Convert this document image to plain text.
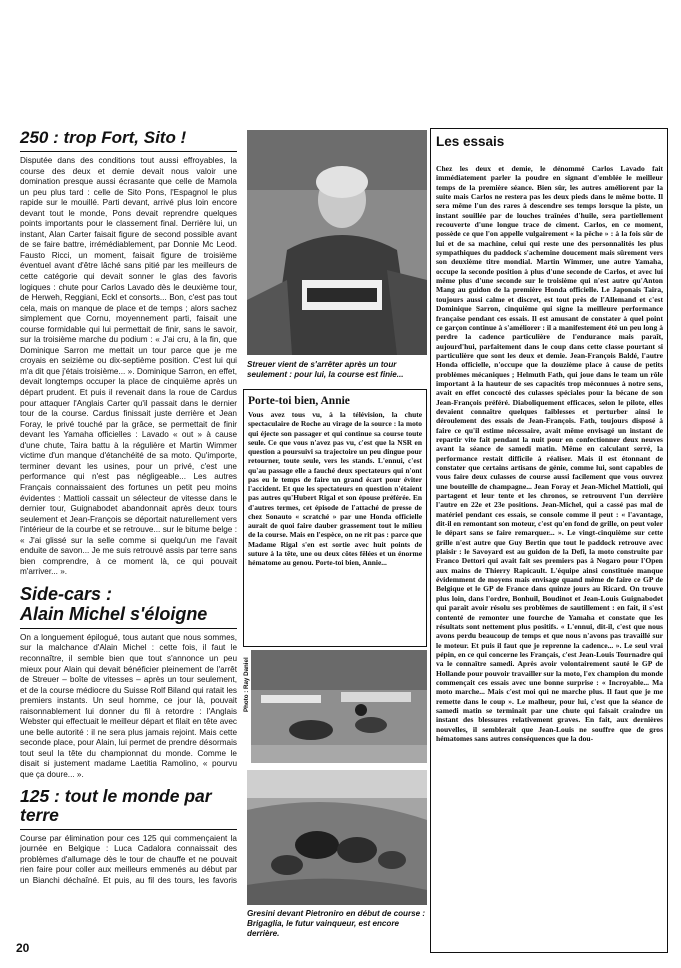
250 : trop Fort, Sito !

Disputée dans des conditions tout aussi effroyables, la course des deux et demie devait nous valoir une domination presque aussi écrasante que celle de Mamola un peu plus tard : celle de Sito Pons, l'Espagnol le plus rapide sur le mouillé. Parti devant, arrivé plus loin encore devant tout le monde, Pons devait reprendre quelques points importants pour le classement final. Derrière lui, un instant, Alan Carter faisait figure de second possible avant de se faire battre, irrémédiablement, par Donnie Mc Leod. Fausto Ricci, un moment, faisait figure de troisième éventuel avant d'être lâché sans pitié par les meilleurs de cette catégorie qui devait sonner le glas des favoris logiques : chute pour Carlos Lavado dès le deuxième tour, de Herweh, Reggiani, Eckl et consorts... Bon, c'est pas tout cela, mais on manque de place et de temps ; alors sachez simplement que Cornu, moyennement parti, faisait une course formidable qui lui permettait de finir, sans le savoir, sur la troisième marche du podium : « J'ai cru, à la fin, que Dominique Sarron me mettait un tour parce que je me croyais en seizième ou dix-septième position. C'est lui qui m'a dit que j'étais troisième... ». Dominique Sarron, en effet, devait longtemps occuper la place de cinquième après un départ prudent. Et puis il revenait dans la roue de Cardus pour attaquer l'Anglais Carter qu'il passait dans le dernier tour de la course. Cardus finissait juste derrière et Jean Foray, le privé touché par la grâce, se permettait de finir devant les Yamaha officielles : Lavado « out » à cause d'une chute, Taira battu à la régulière et Martin Wimmer victime d'un manque d'étanchéité de sa moto. Qu'importe, terminer devant les usines, pour un privé, c'est une performance qui n'est pas négligeable... Les autres Français connaissaient des fortunes un petit peu moins évidentes : Mattioli cassait un sélecteur de vitesse dans le dernier tour, Guignabodet abandonnait après deux tours seulement et Jean-François se déportait naturellement vers l'intérieur de la courbe et se retrouve... sur le bitume belge : « J'ai glissé sur la selle comme si quelqu'un me l'avait enduite de savon... Je me suis retrouvé assis par terre sans bien comprendre, à ce moment là, ce qui pouvait m'arriver... ».

Side-cars :
Alain Michel s'éloigne

On a longuement épilogué, tous autant que nous sommes, sur la malchance d'Alain Michel : cette fois, il faut le reconnaître, il semble bien que tout s'annonce un peu mieux pour Alain qui devait bénéficier pleinement de l'arrêt de Streuer – boîte de vitesses – après un tour seulement, et de la course médiocre du Suisse Rolf Biland qui ratait les premiers instants. Un seul homme, ce jour là, pouvait raisonnablement lui donner du fil à retordre : l'Anglais Webster qui effectuait le meilleur départ et filait en tête avec une belle autorité : il ne sera plus jamais rejoint. Mais cette seconde place, pour Alain, lui permet de prendre désormais tout seul la tête du championnat du monde. Comme le disait si justement madame Laetitia Ramolino, « pourvu que ça doure... ».

125 : tout le monde par terre

Course par élimination pour ces 125 qui commençaient la journée en Belgique : Luca Cadalora connaissait des problèmes d'allumage dès le tour de chauffe et ne pouvait rien faire pour coller aux meilleurs emmenés au début par un Bianchi déchaîné. Et puis, au fil des tours, les favoris

Streuer vient de s'arrêter après un tour seulement : pour lui, la course est finie...
Porte-toi bien, Annie

Vous avez tous vu, à la télévision, la chute spectaculaire de Roche au virage de la source : la moto qui éjecte son passager et qui continue sa course toute seule. Ce que vous n'avez pas vu, c'est que la NSR en question a poursuivi sa trajectoire un peu dingue pour retourner, toute seule, vers les stands. L'ennui, c'est qu'au passage elle a fauché deux spectateurs qui n'ont pas eu le temps de faire un grand écart pour éviter l'accident. Et que les spectateurs en question n'étaient pas autres qu'Hubert Rigal et son épouse préférée. En d'autres termes, cet épisode de l'attaché de presse de chez Sonauto « scratché » par une Honda officielle aurait de quoi faire dauber grassement tout le milieu de la course. Mais en l'espèce, on ne rit pas : parce que Madame Rigal s'en est sortie avec huit points de suture à la tête, une ou deux côtes fêlées et un énorme hématome au genou. Porte-toi bien, Annie...

Photo : Ray Daniel
Gresini devant Pietroniro en début de course : Brigaglia, le futur vainqueur, est encore derrière.
Les essais

Chez les deux et demie, le dénommé Carlos Lavado fait immédiatement parler la poudre en signant d'emblée le meilleur temps de la première séance. Bien sûr, les autres améliorent par la suite mais Carlos ne restera pas les deux pieds dans le même botte. Il sera même l'un des rares à descendre ses temps lorsque la piste, un instant souillée par de louches traînées d'huile, sera partiellement recouverte d'une longue trace de ciment. Carlos, en ce moment, possède ce que l'on appelle vulgairement « la pêche » : à la fois sûr de lui et de sa machine, celui qui reste une des personnalités les plus sympathiques du paddock s'achemine doucement mais sûrement vers son deuxième titre mondial. Martin Wimmer, une autre Yamaha, occupe la seconde position à plus d'une seconde de Carlos, et avec lui même plus d'une seconde sur le troisième qui n'est autre qu'Anton Mang au guidon de la première Honda officielle. Le Japonais Taira, toujours aussi calme et discret, est tout près de l'Allemand et c'est Dominique Sarron, cinquième qui signe la meilleure performance française pendant ces essais. Il est amusant de constater à quel point ce garçon continue à s'améliorer : il a manifestement été un peu long à perdre la cadence particulière de l'endurance mais paraît, aujourd'hui, parfaitement dans le coup dans cette classe pourtant si particulière que sont les deux et demie. Jean-François Baldé, l'autre Honda officielle, n'occupe que la douzième place à cause de petits problèmes mécaniques ; Helmuth Fath, qui joue dans le team un rôle important à la hauteur de ses capacités trop méconnues à notre sens, avait en effet concocté des culasses spéciales pour la bécane de son Jean-François préféré. Diaboliquement efficaces, selon le pilote, elles devaient connaître quelques faiblesses et perturber ainsi le déroulement des essais de Jean-François. Fath, toujours disposé à faire ce qu'il estime nécessaire, avait même envisagé un instant de repartir vite fait pendant la nuit pour en confectionner deux neuves avant la séance de samedi matin. Même en calculant serré, la performance restait difficile à réaliser. Mais il est étonnant de constater que certains artisans de génie, comme lui, sont capables de vous faire deux culasses de course aussi facilement que vous ouvrez une bouteille de champagne... Jean Foray et Jean-Michel Mattioli, qui partagent et leur tente et les chronos, se retrouvent l'un derrière l'autre en 22e et 23e positions. Jean-Michel, qui a cassé pas mal de matériel pendant ces essais, se console comme il peut : « l'avantage, dit-il en remontant son moteur, c'est qu'en fond de grille, on peut voler le départ sans se faire remarquer... ». Le vingt-cinquième sur cette grille n'est autre que Guy Bertin que tout le paddock retrouve avec plaisir : le Savoyard est au guidon de la Defi, la moto construite par Franco Dettori qui avait fait ses premiers pas à Nogaro pour l'Open aux mains de Thierry Rapicault. L'équipe ainsi constituée manque évidemment de moyens mais envisage quand même de faire ce GP de Belgique et le GP de France dans quinze jours au Ricard. On trouve plus loin, dans l'ordre, Bonhuil, Boudinot et Jean-Louis Guignabodet qui paraît avoir résolu ses problèmes de sautillement : en fait, il s'est contenté de remonter une fourche de Yamaha et constate que les résultats sont nettement plus positifs. « L'ennui, dit-il, c'est que nous avons perdu beaucoup de temps et que nous n'avons pas travaillé sur le moteur. Et puis il faut que je reprenne la cadence... ». Le seul vrai pépin, en ce qui concerne les Français, c'est Jean-Louis Tournadre qui va le connaître samedi. Après avoir volontairement sauté le GP de Hollande pour pouvoir travailler sur la moto, l'ex champion du monde commençait ces essais avec une bonne surprise : « Incroyable... Ma moto marche... Mais c'est moi qui ne marche plus. Il faut que je me remette dans le coup ». Le malheur, pour lui, c'est que la séance de samedi matin se terminait par une chute qui faisait craindre un instant des blessures relativement graves. En fait, aux dernières nouvelles, il semblerait que Jean-Louis ne souffre que de gros hématomes sans autres conséquences que la dou-

20
